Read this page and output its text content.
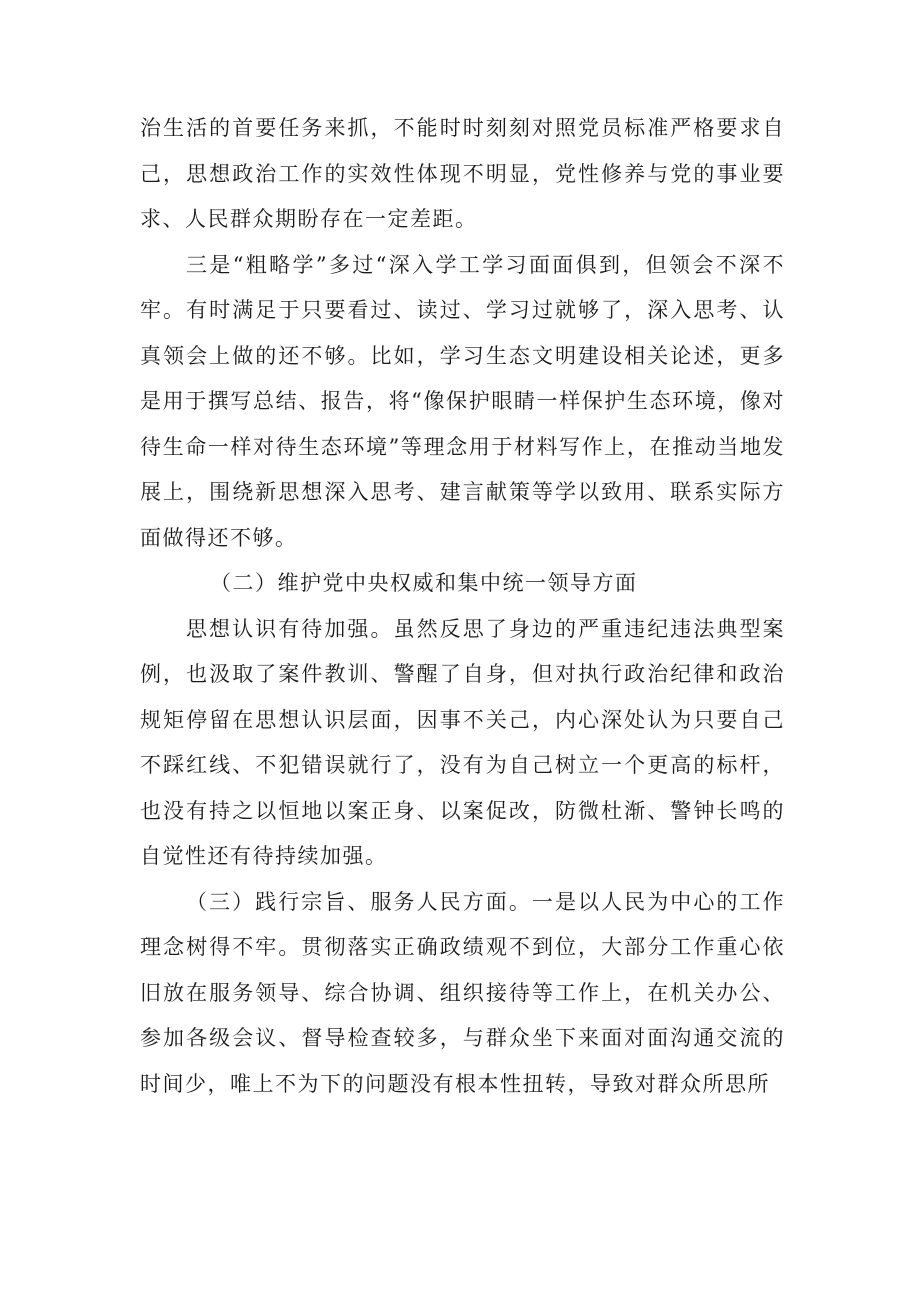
治生活的首要任务来抓，不能时时刻刻对照党员标准严格要求自己，思想政治工作的实效性体现不明显，党性修养与党的事业要求、人民群众期盼存在一定差距。

三是“粗略学”多过“深入学工学习面面俱到，但领会不深不牢。有时满足于只要看过、读过、学习过就够了，深入思考、认真领会上做的还不够。比如，学习生态文明建设相关论述，更多是用于撰写总结、报告，将“像保护眼睛一样保护生态环境，像对待生命一样对待生态环境”等理念用于材料写作上，在推动当地发展上，围绕新思想深入思考、建言献策等学以致用、联系实际方面做得还不够。

（二）维护党中央权威和集中统一领导方面

思想认识有待加强。虽然反思了身边的严重违纪违法典型案例，也汲取了案件教训、警醒了自身，但对执行政治纪律和政治规矩停留在思想认识层面，因事不关己，内心深处认为只要自己不踩红线、不犯错误就行了，没有为自己树立一个更高的标杆，也没有持之以恒地以案正身、以案促改，防微杜渐、警钟长鸣的自觉性还有待持续加强。

（三）践行宗旨、服务人民方面。一是以人民为中心的工作理念树得不牢。贯彻落实正确政绩观不到位，大部分工作重心依旧放在服务领导、综合协调、组织接待等工作上，在机关办公、参加各级会议、督导检查较多，与群众坐下来面对面沟通交流的时间少，唯上不为下的问题没有根本性扭转，导致对群众所思所
